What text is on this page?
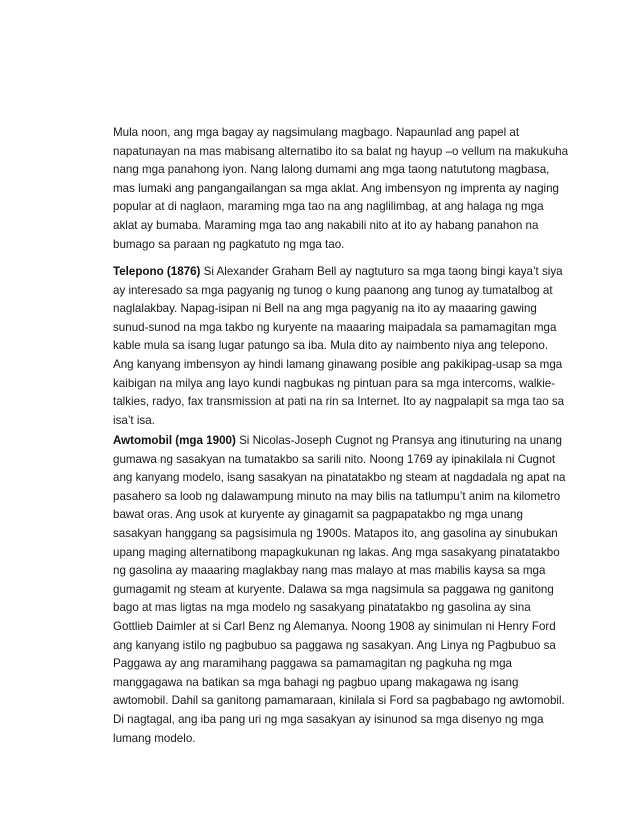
Mula noon, ang mga bagay ay nagsimulang magbago. Napaunlad ang papel at
napatunayan na mas mabisang alternatibo ito sa balat ng hayup –o vellum na makukuha
nang mga panahong iyon. Nang lalong dumami ang mga taong natututong magbasa,
mas lumaki ang pangangailangan sa mga aklat. Ang imbensyon ng imprenta ay naging
popular at di naglaon, maraming mga tao na ang naglilimbag, at ang halaga ng mga
aklat ay bumaba. Maraming mga tao ang nakabili nito at ito ay habang panahon na
bumago sa paraan ng pagkatuto ng mga tao.

Telepono (1876) Si Alexander Graham Bell ay nagtuturo sa mga taong bingi kaya’t siya
ay interesado sa mga pagyanig ng tunog o kung paanong ang tunog ay tumatalbog at
naglalakbay. Napag-isipan ni Bell na ang mga pagyanig na ito ay maaaring gawing
sunud-sunod na mga takbo ng kuryente na maaaring maipadala sa pamamagitan mga
kable mula sa isang lugar patungo sa iba. Mula dito ay naimbento niya ang telepono.
Ang kanyang imbensyon ay hindi lamang ginawang posible ang pakikipag-usap sa mga
kaibigan na milya ang layo kundi nagbukas ng pintuan para sa mga intercoms, walkie-
talkies, radyo, fax transmission at pati na rin sa Internet. Ito ay nagpalapit sa mga tao sa
isa’t isa.

Awtomobil (mga 1900) Si Nicolas-Joseph Cugnot ng Pransya ang itinuturing na unang
gumawa ng sasakyan na tumatakbo sa sarili nito. Noong 1769 ay ipinakilala ni Cugnot
ang kanyang modelo, isang sasakyan na pinatatakbo ng steam at nagdadala ng apat na
pasahero sa loob ng dalawampung minuto na may bilis na tatlumpu’t anim na kilometro
bawat oras. Ang usok at kuryente ay ginagamit sa pagpapatakbo ng mga unang
sasakyan hanggang sa pagsisimula ng 1900s. Matapos ito, ang gasolina ay sinubukan
upang maging alternatibong mapagkukunan ng lakas. Ang mga sasakyang pinatatakbo
ng gasolina ay maaaring maglakbay nang mas malayo at mas mabilis kaysa sa mga
gumagamit ng steam at kuryente. Dalawa sa mga nagsimula sa paggawa ng ganitong
bago at mas ligtas na mga modelo ng sasakyang pinatatakbo ng gasolina ay sina
Gottlieb Daimler at si Carl Benz ng Alemanya. Noong 1908 ay sinimulan ni Henry Ford
ang kanyang istilo ng pagbubuo sa paggawa ng sasakyan. Ang Linya ng Pagbubuo sa
Paggawa ay ang maramihang paggawa sa pamamagitan ng pagkuha ng mga
manggagawa na batikan sa mga bahagi ng pagbuo upang makagawa ng isang
awtomobil. Dahil sa ganitong pamamaraan, kinilala si Ford sa pagbabago ng awtomobil.
Di nagtagal, ang iba pang uri ng mga sasakyan ay isinunod sa mga disenyo ng mga
lumang modelo.
